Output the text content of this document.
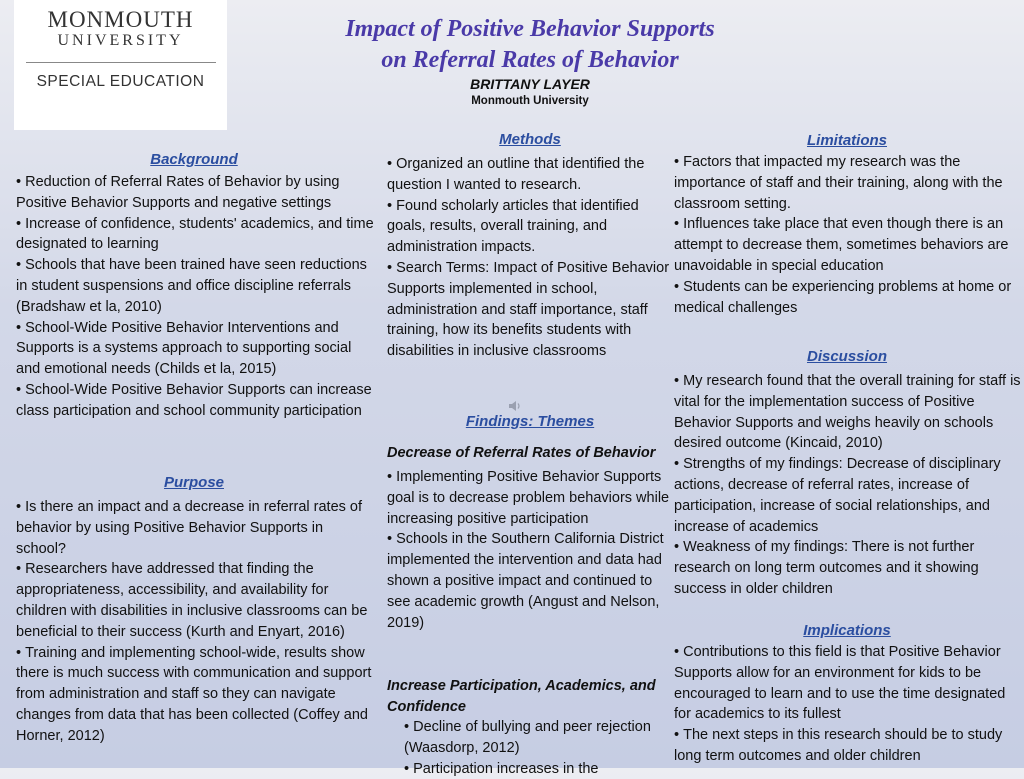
MONMOUTH
UNIVERSITY
SPECIAL EDUCATION
Impact of Positive Behavior Supports
on Referral Rates of Behavior
BRITTANY LAYER
Monmouth University
Background
• Reduction of Referral Rates of Behavior by using Positive Behavior Supports and negative settings
• Increase of confidence, students' academics, and time designated to learning
• Schools that have been trained have seen reductions in student suspensions and office discipline referrals (Bradshaw et la, 2010)
• School-Wide Positive Behavior Interventions and Supports is a systems approach to supporting social and emotional needs (Childs et la, 2015)
• School-Wide Positive Behavior Supports can increase class participation and school community participation
Purpose
• Is there an impact and a decrease in referral rates of behavior by using Positive Behavior Supports in school?
• Researchers have addressed that finding the appropriateness, accessibility, and availability for children with disabilities in inclusive classrooms can be beneficial to their success (Kurth and Enyart, 2016)
• Training and implementing school-wide, results show there is much success with communication and support from administration and staff so they can navigate changes from data that has been collected (Coffey and Horner, 2012)
Methods
• Organized an outline that identified the question I wanted to research.
• Found scholarly articles that identified goals, results, overall training, and administration impacts.
• Search Terms: Impact of Positive Behavior Supports implemented in school, administration and staff importance, staff training, how its benefits students with disabilities in inclusive classrooms
Findings: Themes
Decrease of Referral Rates of Behavior
• Implementing Positive Behavior Supports goal is to decrease problem behaviors while increasing positive participation
• Schools in the Southern California District implemented the intervention and data had shown a positive impact and continued to see academic growth (Angust and Nelson, 2019)
Increase Participation, Academics, and Confidence
• Decline of bullying and peer rejection (Waasdorp, 2012)
• Participation increases in the
Limitations
• Factors that impacted my research was the importance of staff and their training, along with the classroom setting.
• Influences take place that even though there is an attempt to decrease them, sometimes behaviors are unavoidable in special education
• Students can be experiencing problems at home or medical challenges
Discussion
• My research found that the overall training for staff is vital for the implementation success of Positive Behavior Supports and weighs heavily on schools desired outcome (Kincaid, 2010)
• Strengths of my findings: Decrease of disciplinary actions, decrease of referral rates, increase of participation, increase of social relationships, and increase of academics
• Weakness of my findings: There is not further research on long term outcomes and it showing success in older children
Implications
• Contributions to this field is that Positive Behavior Supports allow for an environment for kids to be encouraged to learn and to use the time designated for academics to its fullest
• The next steps in this research should be to study long term outcomes and older children
